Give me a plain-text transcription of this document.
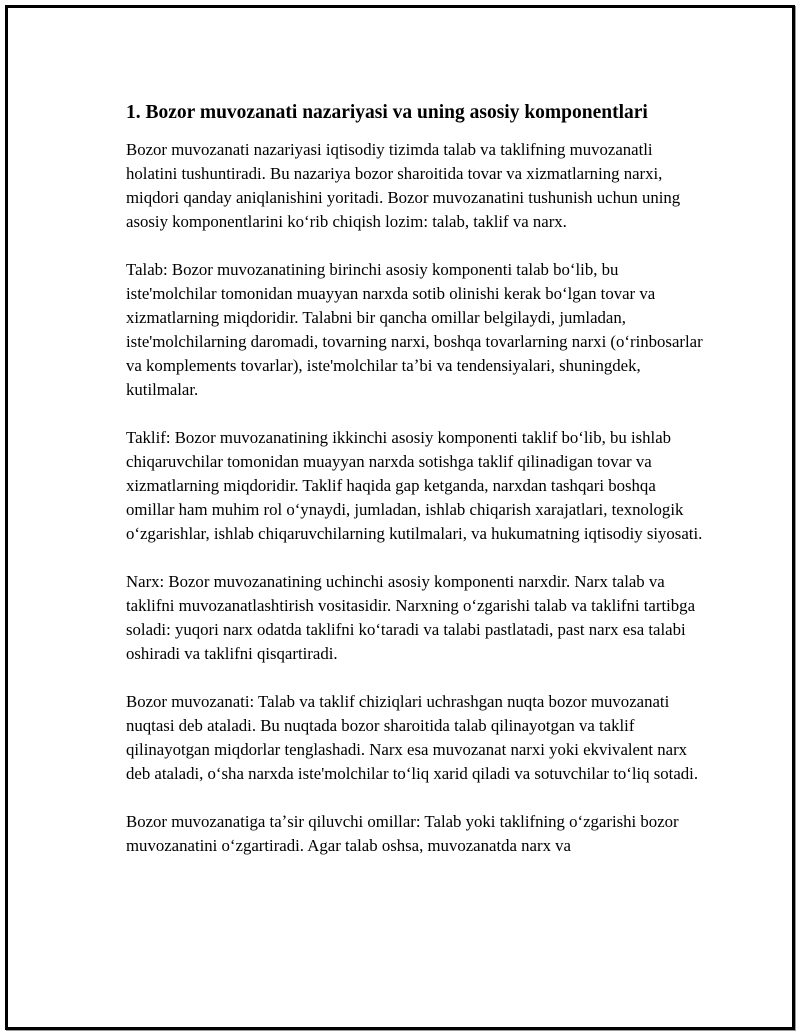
1. Bozor muvozanati nazariyasi va uning asosiy komponentlari

Bozor muvozanati nazariyasi iqtisodiy tizimda talab va taklifning muvozanatli holatini tushuntiradi. Bu nazariya bozor sharoitida tovar va xizmatlarning narxi, miqdori qanday aniqlanishini yoritadi. Bozor muvozanatini tushunish uchun uning asosiy komponentlarini koʻrib chiqish lozim: talab, taklif va narx.

Talab: Bozor muvozanatining birinchi asosiy komponenti talab boʻlib, bu iste'molchilar tomonidan muayyan narxda sotib olinishi kerak boʻlgan tovar va xizmatlarning miqdoridir. Talabni bir qancha omillar belgilaydi, jumladan, iste'molchilarning daromadi, tovarning narxi, boshqa tovarlarning narxi (oʻrinbosarlar va komplements tovarlar), iste'molchilar taʼbi va tendensiyalari, shuningdek, kutilmalar.

Taklif: Bozor muvozanatining ikkinchi asosiy komponenti taklif boʻlib, bu ishlab chiqaruvchilar tomonidan muayyan narxda sotishga taklif qilinadigan tovar va xizmatlarning miqdoridir. Taklif haqida gap ketganda, narxdan tashqari boshqa omillar ham muhim rol oʻynaydi, jumladan, ishlab chiqarish xarajatlari, texnologik oʻzgarishlar, ishlab chiqaruvchilarning kutilmalari, va hukumatning iqtisodiy siyosati.

Narx: Bozor muvozanatining uchinchi asosiy komponenti narxdir. Narx talab va taklifni muvozanatlashtirish vositasidir. Narxning oʻzgarishi talab va taklifni tartibga soladi: yuqori narx odatda taklifni koʻtaradi va talabi pastlatadi, past narx esa talabi oshiradi va taklifni qisqartiradi.

Bozor muvozanati: Talab va taklif chiziqlari uchrashgan nuqta bozor muvozanati nuqtasi deb ataladi. Bu nuqtada bozor sharoitida talab qilinayotgan va taklif qilinayotgan miqdorlar tenglashadi. Narx esa muvozanat narxi yoki ekvivalent narx deb ataladi, oʻsha narxda iste'molchilar toʻliq xarid qiladi va sotuvchilar toʻliq sotadi.

Bozor muvozanatiga taʼsir qiluvchi omillar: Talab yoki taklifning oʻzgarishi bozor muvozanatini oʻzgartiradi. Agar talab oshsa, muvozanatda narx va
